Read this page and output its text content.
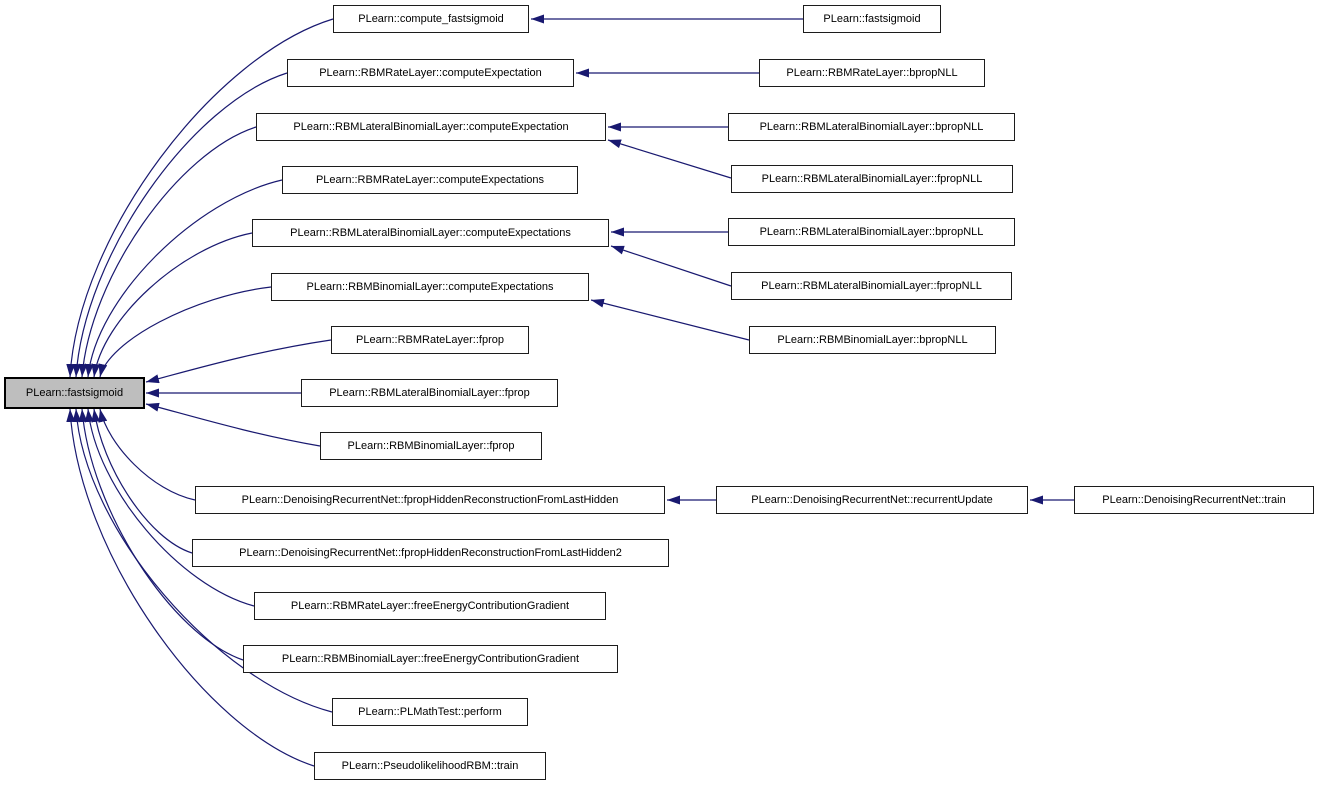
PLearn::fastsigmoid
PLearn::compute_fastsigmoid
PLearn::RBMRateLayer::computeExpectation
PLearn::RBMLateralBinomialLayer::computeExpectation
PLearn::RBMRateLayer::computeExpectations
PLearn::RBMLateralBinomialLayer::computeExpectations
PLearn::RBMBinomialLayer::computeExpectations
PLearn::RBMRateLayer::fprop
PLearn::RBMLateralBinomialLayer::fprop
PLearn::RBMBinomialLayer::fprop
PLearn::DenoisingRecurrentNet::fpropHiddenReconstructionFromLastHidden
PLearn::DenoisingRecurrentNet::fpropHiddenReconstructionFromLastHidden2
PLearn::RBMRateLayer::freeEnergyContributionGradient
PLearn::RBMBinomialLayer::freeEnergyContributionGradient
PLearn::PLMathTest::perform
PLearn::PseudolikelihoodRBM::train
PLearn::fastsigmoid
PLearn::RBMRateLayer::bpropNLL
PLearn::RBMLateralBinomialLayer::bpropNLL
PLearn::RBMLateralBinomialLayer::fpropNLL
PLearn::RBMLateralBinomialLayer::bpropNLL
PLearn::RBMLateralBinomialLayer::fpropNLL
PLearn::RBMBinomialLayer::bpropNLL
PLearn::DenoisingRecurrentNet::recurrentUpdate	PLearn::DenoisingRecurrentNet::train
